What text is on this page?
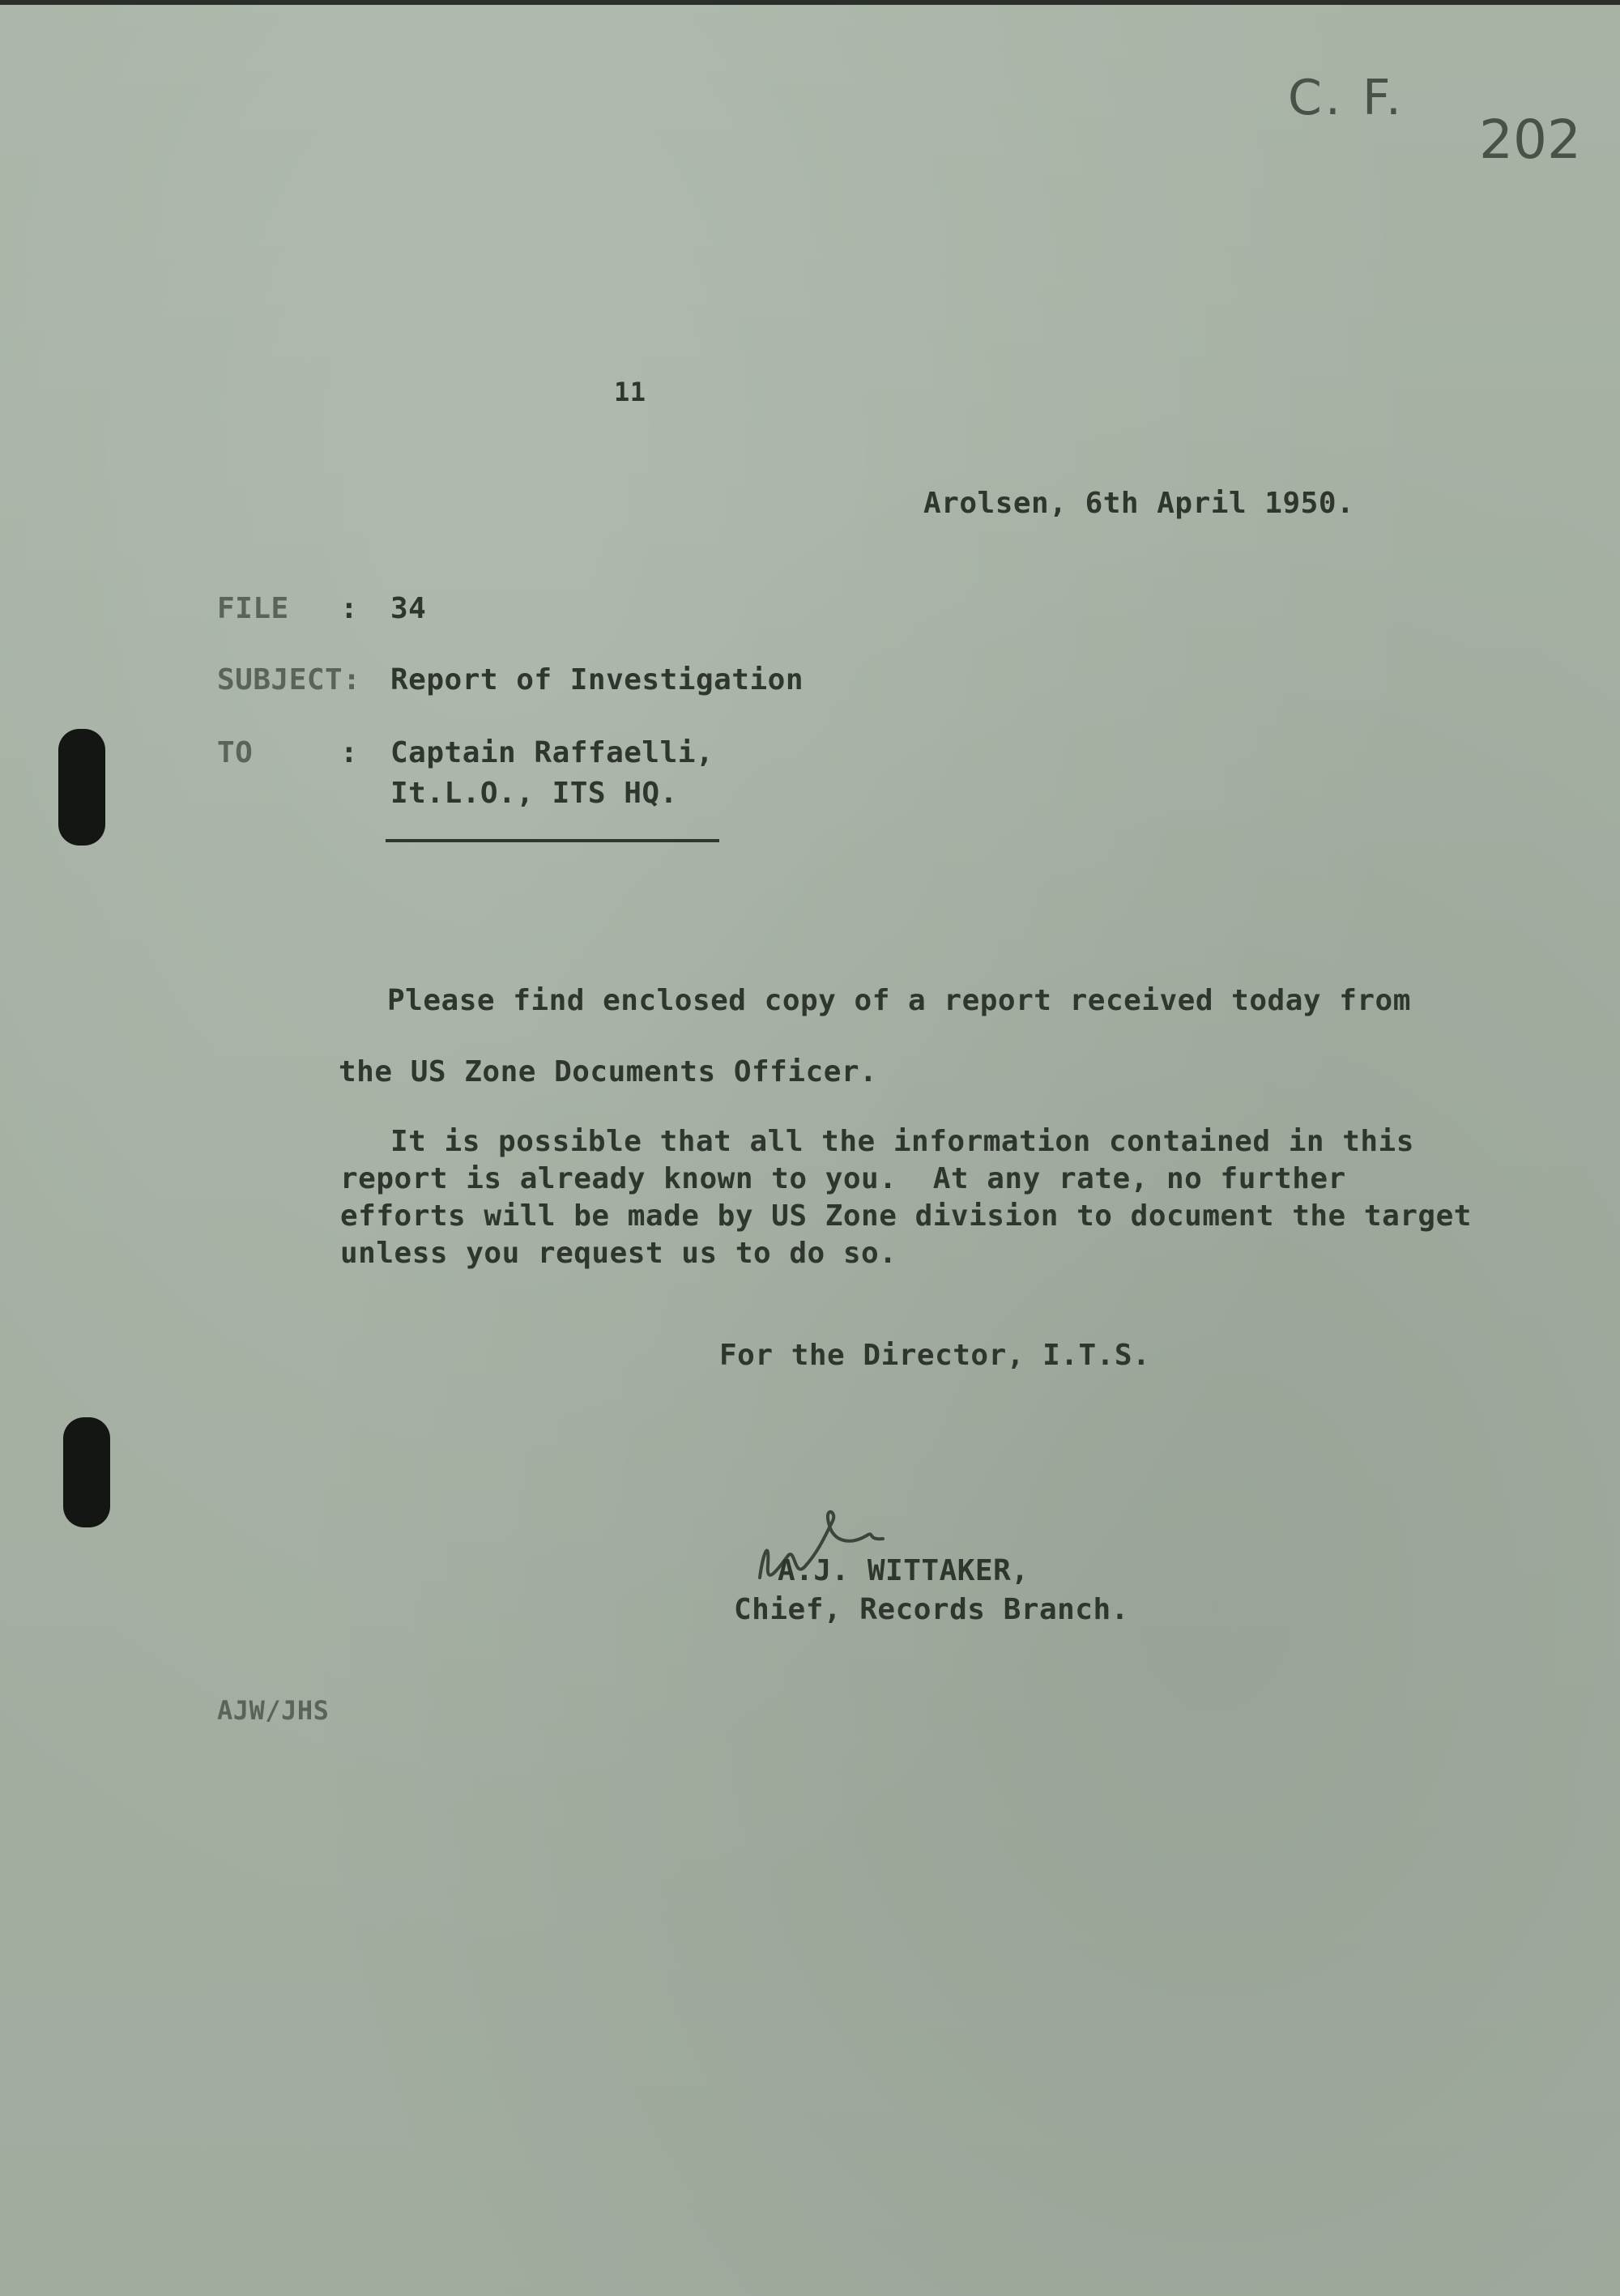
C. F.
202
11
Arolsen, 6th April 1950.
FILE : 34
SUBJECT: Report of Investigation
TO	: Captain Raffaelli,
It.L.O., ITS HQ.
Please find enclosed copy of a report received today from
the US Zone Documents Officer.
It is possible that all the information contained in this
report is already known to you.  At any rate, no further
efforts will be made by US Zone division to document the target
unless you request us to do so.
For the Director, I.T.S.
A.J. WITTAKER,
Chief, Records Branch.
AJW/JHS
